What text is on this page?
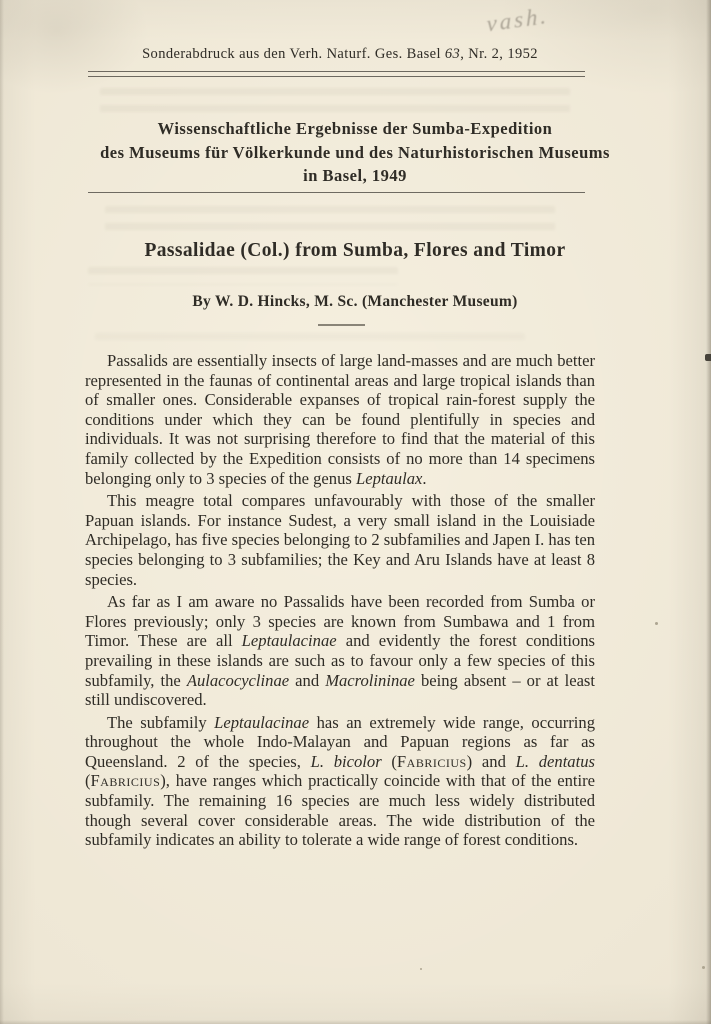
vash.
Sonderabdruck aus den Verh. Naturf. Ges. Basel 63, Nr. 2, 1952
Wissenschaftliche Ergebnisse der Sumba-Expedition
des Museums für Völkerkunde und des Naturhistorischen Museums
in Basel, 1949
Passalidae (Col.) from Sumba, Flores and Timor
By W. D. Hincks, M. Sc. (Manchester Museum)

Passalids are essentially insects of large land-masses and are much better represented in the faunas of continental areas and large tropical islands than of smaller ones. Considerable expanses of tropical rain-forest supply the conditions under which they can be found plentifully in species and individuals. It was not surprising therefore to find that the material of this family collected by the Expedition consists of no more than 14 specimens belonging only to 3 species of the genus Leptaulax.

This meagre total compares unfavourably with those of the smaller Papuan islands. For instance Sudest, a very small island in the Louisiade Archipelago, has five species belonging to 2 subfamilies and Japen I. has ten species belonging to 3 subfamilies; the Key and Aru Islands have at least 8 species.

As far as I am aware no Passalids have been recorded from Sumba or Flores previously; only 3 species are known from Sumbawa and 1 from Timor. These are all Leptaulacinae and evidently the forest conditions prevailing in these islands are such as to favour only a few species of this subfamily, the Aulacocyclinae and Macrolininae being absent – or at least still undiscovered.

The subfamily Leptaulacinae has an extremely wide range, occurring throughout the whole Indo-Malayan and Papuan regions as far as Queensland. 2 of the species, L. bicolor (Fabricius) and L. dentatus (Fabricius), have ranges which practically coincide with that of the entire subfamily. The remaining 16 species are much less widely distributed though several cover considerable areas. The wide distribution of the subfamily indicates an ability to tolerate a wide range of forest conditions.
